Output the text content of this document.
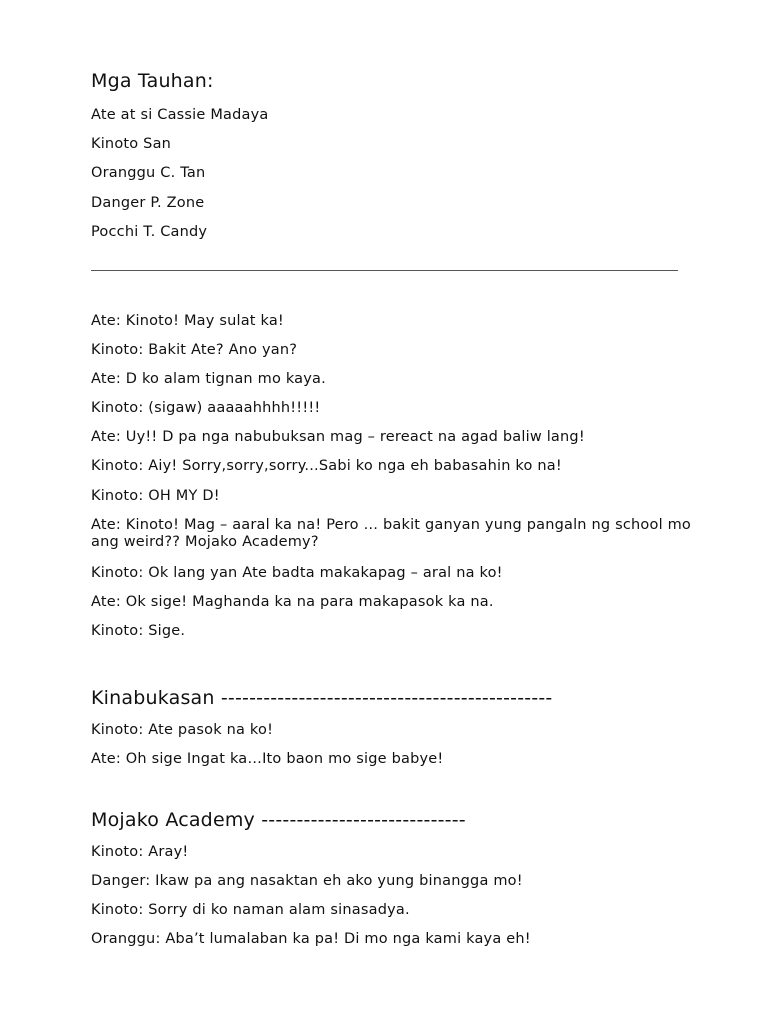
Mga Tauhan:

Ate at si Cassie Madaya

Kinoto San

Oranggu C. Tan

Danger P. Zone

Pocchi T. Candy

Ate: Kinoto! May sulat ka!

Kinoto: Bakit Ate? Ano yan?

Ate: D ko alam tignan mo kaya.

Kinoto: (sigaw) aaaaahhhh!!!!!

Ate: Uy!! D pa nga nabubuksan mag – rereact na agad baliw lang!

Kinoto: Aiy! Sorry,sorry,sorry...Sabi ko nga eh babasahin ko na!

Kinoto: OH MY D!

Ate: Kinoto! Mag – aaral ka na! Pero … bakit ganyan yung pangaln ng school mo ang weird?? Mojako Academy?

Kinoto: Ok lang yan Ate badta makakapag – aral na ko!

Ate: Ok sige! Maghanda ka na para makapasok ka na.

Kinoto: Sige.

Kinabukasan -----------------------------------------------

Kinoto: Ate pasok na ko!

Ate: Oh sige Ingat ka…Ito baon mo sige babye!

Mojako Academy -----------------------------

Kinoto: Aray!

Danger: Ikaw pa ang nasaktan eh ako yung binangga mo!

Kinoto: Sorry di ko naman alam sinasadya.

Oranggu: Aba’t lumalaban ka pa! Di mo nga kami kaya eh!
